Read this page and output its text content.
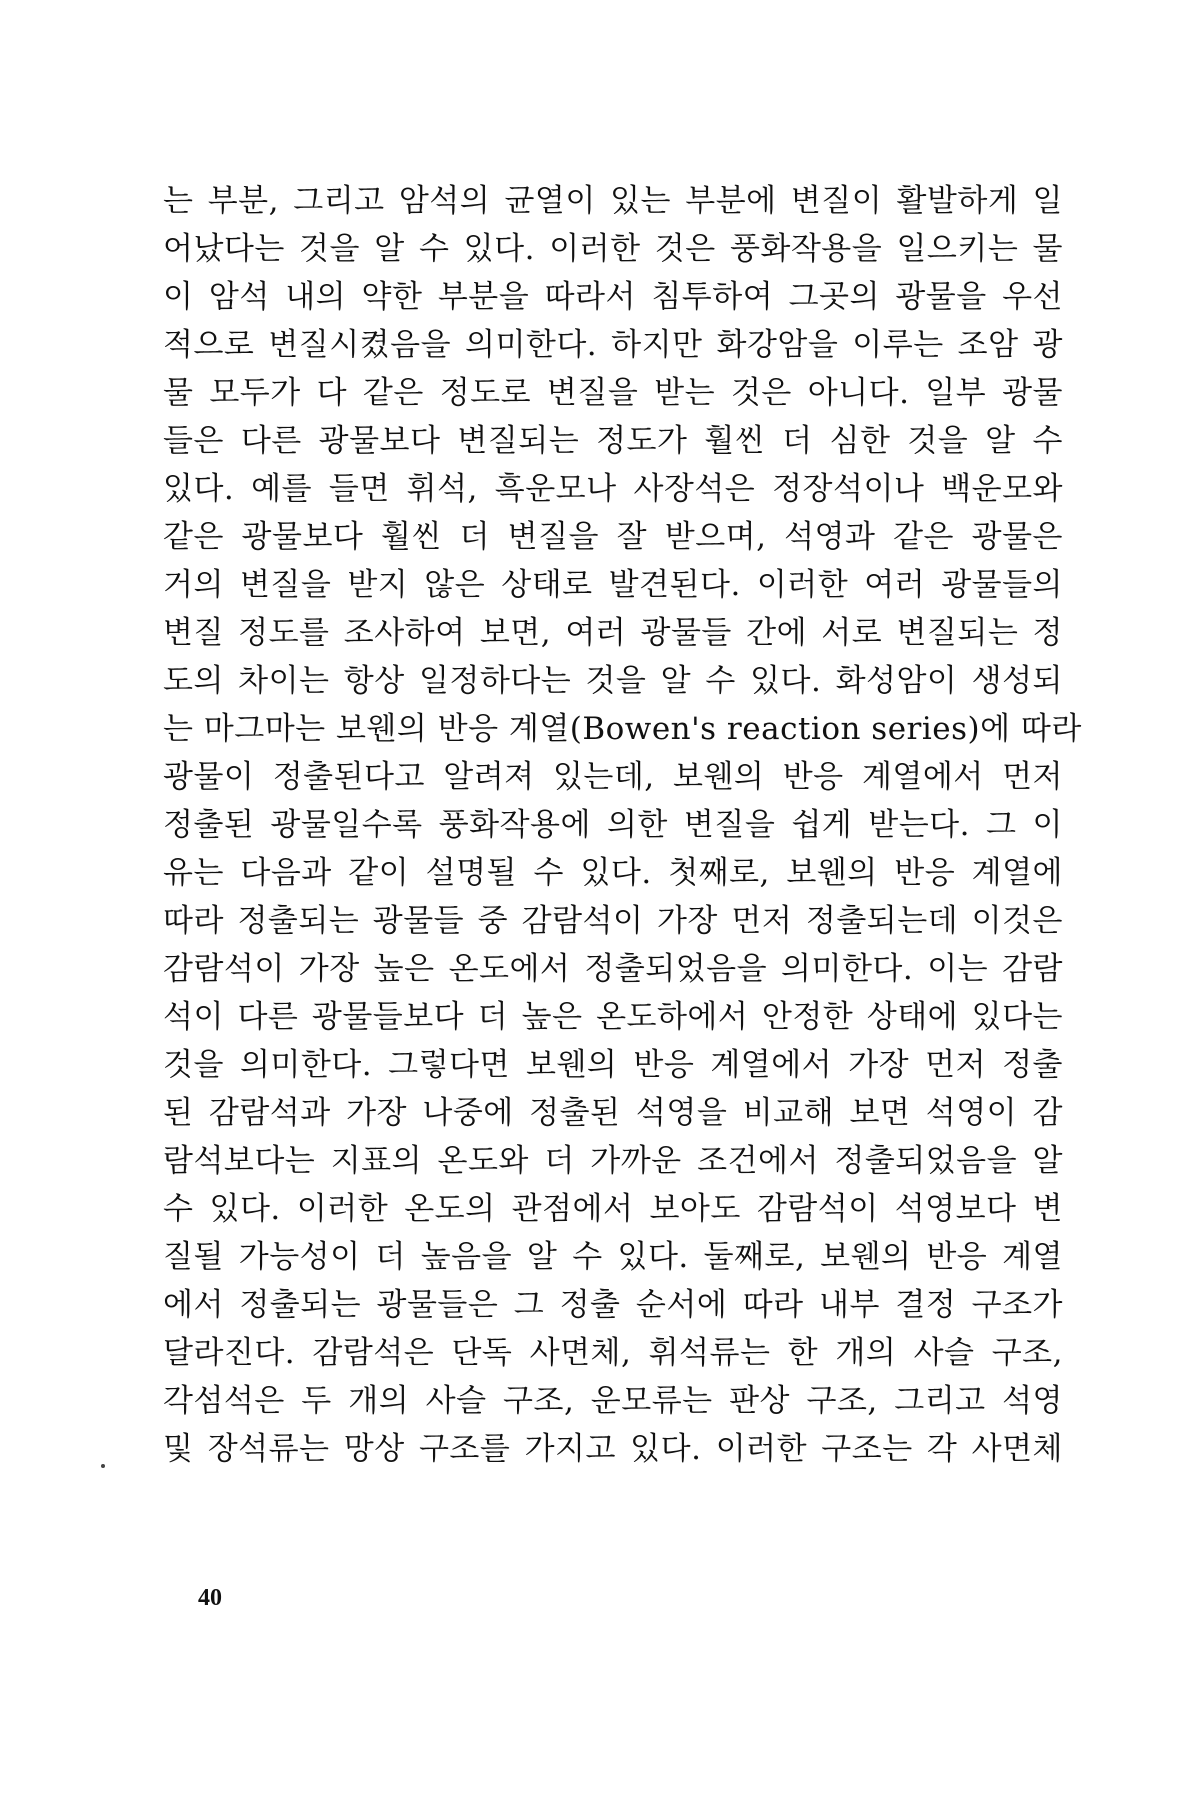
는 부분, 그리고 암석의 균열이 있는 부분에 변질이 활발하게 일
어났다는 것을 알 수 있다. 이러한 것은 풍화작용을 일으키는 물
이 암석 내의 약한 부분을 따라서 침투하여 그곳의 광물을 우선
적으로 변질시켰음을 의미한다. 하지만 화강암을 이루는 조암 광
물 모두가 다 같은 정도로 변질을 받는 것은 아니다. 일부 광물
들은 다른 광물보다 변질되는 정도가 훨씬 더 심한 것을 알 수
있다. 예를 들면 휘석, 흑운모나 사장석은 정장석이나 백운모와
같은 광물보다 훨씬 더 변질을 잘 받으며, 석영과 같은 광물은
거의 변질을 받지 않은 상태로 발견된다. 이러한 여러 광물들의
변질 정도를 조사하여 보면, 여러 광물들 간에 서로 변질되는 정
도의 차이는 항상 일정하다는 것을 알 수 있다. 화성암이 생성되
는 마그마는 보웬의 반응 계열(Bowen's reaction series)에 따라
광물이 정출된다고 알려져 있는데, 보웬의 반응 계열에서 먼저
정출된 광물일수록 풍화작용에 의한 변질을 쉽게 받는다. 그 이
유는 다음과 같이 설명될 수 있다. 첫째로, 보웬의 반응 계열에
따라 정출되는 광물들 중 감람석이 가장 먼저 정출되는데 이것은
감람석이 가장 높은 온도에서 정출되었음을 의미한다. 이는 감람
석이 다른 광물들보다 더 높은 온도하에서 안정한 상태에 있다는
것을 의미한다. 그렇다면 보웬의 반응 계열에서 가장 먼저 정출
된 감람석과 가장 나중에 정출된 석영을 비교해 보면 석영이 감
람석보다는 지표의 온도와 더 가까운 조건에서 정출되었음을 알
수 있다. 이러한 온도의 관점에서 보아도 감람석이 석영보다 변
질될 가능성이 더 높음을 알 수 있다. 둘째로, 보웬의 반응 계열
에서 정출되는 광물들은 그 정출 순서에 따라 내부 결정 구조가
달라진다. 감람석은 단독 사면체, 휘석류는 한 개의 사슬 구조,
각섬석은 두 개의 사슬 구조, 운모류는 판상 구조, 그리고 석영
및 장석류는 망상 구조를 가지고 있다. 이러한 구조는 각 사면체
40
